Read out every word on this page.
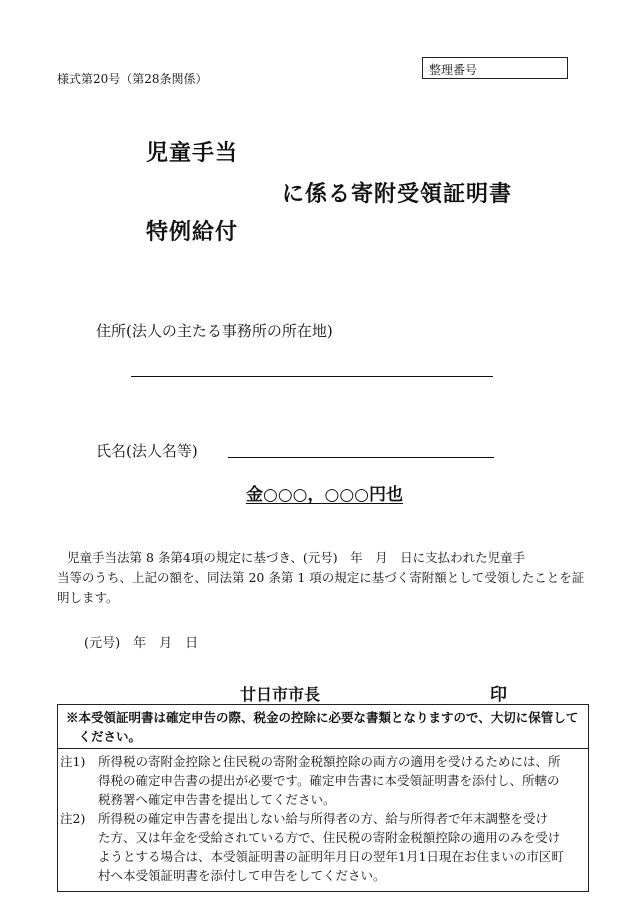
様式第20号（第28条関係）
整理番号
児童手当
に係る寄附受領証明書
特例給付
住所(法人の主たる事務所の所在地)
氏名(法人名等)
金○○○，○○○円也
児童手当法第 8 条第4項の規定に基づき、(元号)　年　月　日に支払われた児童手
当等のうち、上記の額を、同法第 20 条第 1 項の規定に基づく寄附額として受領したことを証
明します。
(元号)　年　月　日
廿日市市長	印
※本受領証明書は確定申告の際、税金の控除に必要な書類となりますので、大切に保管して
　ください。
注1) 所得税の寄附金控除と住民税の寄附金税額控除の両方の適用を受けるためには、所
得税の確定申告書の提出が必要です。確定申告書に本受領証明書を添付し、所轄の
税務署へ確定申告書を提出してください。
注2) 所得税の確定申告書を提出しない給与所得者の方、給与所得者で年末調整を受け
た方、又は年金を受給されている方で、住民税の寄附金税額控除の適用のみを受け
ようとする場合は、本受領証明書の証明年月日の翌年1月1日現在お住まいの市区町
村へ本受領証明書を添付して申告をしてください。
